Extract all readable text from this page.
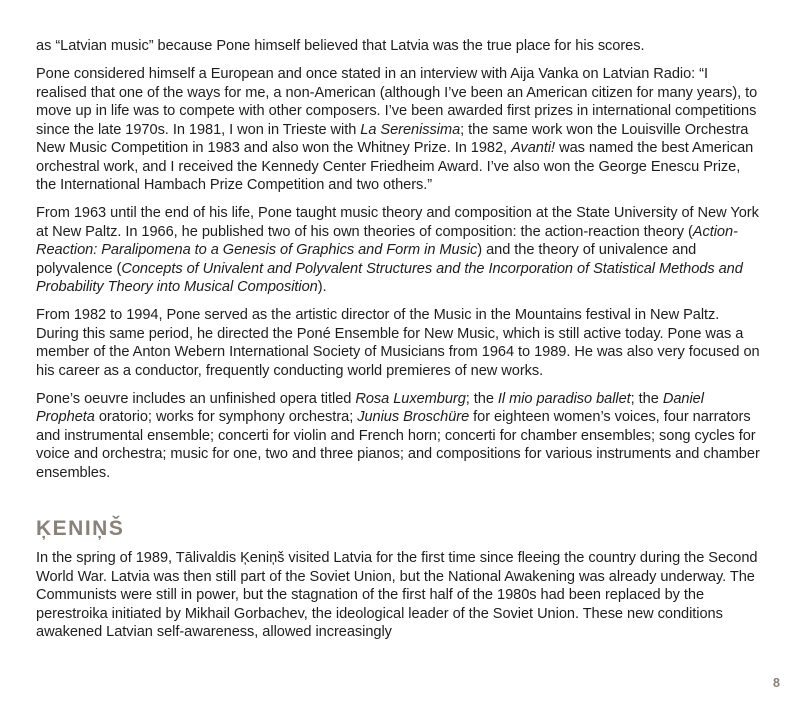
as “Latvian music” because Pone himself believed that Latvia was the true place for his scores.

Pone considered himself a European and once stated in an interview with Aija Vanka on Latvian Radio: “I realised that one of the ways for me, a non-American (although I’ve been an American citizen for many years), to move up in life was to compete with other composers. I’ve been awarded first prizes in international competitions since the late 1970s. In 1981, I won in Trieste with La Serenissima; the same work won the Louisville Orchestra New Music Competition in 1983 and also won the Whitney Prize. In 1982, Avanti! was named the best American orchestral work, and I received the Kennedy Center Friedheim Award. I’ve also won the George Enescu Prize, the International Hambach Prize Competition and two others.”

From 1963 until the end of his life, Pone taught music theory and composition at the State University of New York at New Paltz. In 1966, he published two of his own theories of composition: the action-reaction theory (Action-Reaction: Paralipomena to a Genesis of Graphics and Form in Music) and the theory of univalence and polyvalence (Concepts of Univalent and Polyvalent Structures and the Incorporation of Statistical Methods and Probability Theory into Musical Composition).

From 1982 to 1994, Pone served as the artistic director of the Music in the Mountains festival in New Paltz. During this same period, he directed the Poné Ensemble for New Music, which is still active today. Pone was a member of the Anton Webern International Society of Musicians from 1964 to 1989. He was also very focused on his career as a conductor, frequently conducting world premieres of new works.

Pone’s oeuvre includes an unfinished opera titled Rosa Luxemburg; the Il mio paradiso ballet; the Daniel Propheta oratorio; works for symphony orchestra; Junius Broschüre for eighteen women’s voices, four narrators and instrumental ensemble; concerti for violin and French horn; concerti for chamber ensembles; song cycles for voice and orchestra; music for one, two and three pianos; and compositions for various instruments and chamber ensembles.

ĶENIŅŠ

In the spring of 1989, Tālivaldis Ķeniņš visited Latvia for the first time since fleeing the country during the Second World War. Latvia was then still part of the Soviet Union, but the National Awakening was already underway. The Communists were still in power, but the stagnation of the first half of the 1980s had been replaced by the perestroika initiated by Mikhail Gorbachev, the ideological leader of the Soviet Union. These new conditions awakened Latvian self-awareness, allowed increasingly

8
